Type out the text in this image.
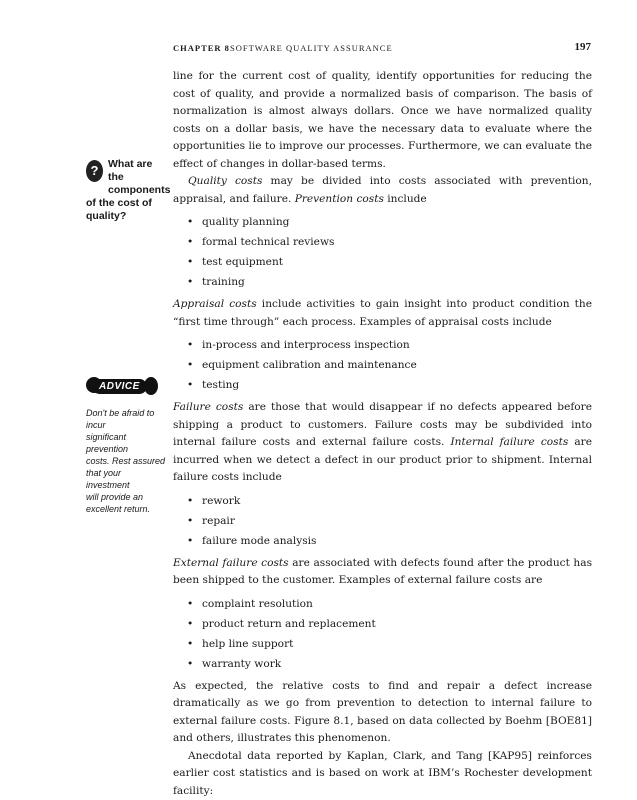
CHAPTER 8 SOFTWARE QUALITY ASSURANCE	197
? What are the
components
of the cost of
quality?
ADVICE
Don't be afraid to incur
significant prevention
costs. Rest assured
that your investment
will provide an
excellent return.

line for the current cost of quality, identify opportunities for reducing the cost of quality, and provide a normalized basis of comparison. The basis of normalization is almost always dollars. Once we have normalized quality costs on a dollar basis, we have the necessary data to evaluate where the opportunities lie to improve our processes. Furthermore, we can evaluate the effect of changes in dollar-based terms.

Quality costs may be divided into costs associated with prevention, appraisal, and failure. Prevention costs include

• quality planning
• formal technical reviews
• test equipment
• training

Appraisal costs include activities to gain insight into product condition the “first time through” each process. Examples of appraisal costs include

• in-process and interprocess inspection
• equipment calibration and maintenance
• testing

Failure costs are those that would disappear if no defects appeared before shipping a product to customers. Failure costs may be subdivided into internal failure costs and external failure costs. Internal failure costs are incurred when we detect a defect in our product prior to shipment. Internal failure costs include

• rework
• repair
• failure mode analysis

External failure costs are associated with defects found after the product has been shipped to the customer. Examples of external failure costs are

• complaint resolution
• product return and replacement
• help line support
• warranty work

As expected, the relative costs to find and repair a defect increase dramatically as we go from prevention to detection to internal failure to external failure costs. Figure 8.1, based on data collected by Boehm [BOE81] and others, illustrates this phenomenon.

Anecdotal data reported by Kaplan, Clark, and Tang [KAP95] reinforces earlier cost statistics and is based on work at IBM’s Rochester development facility:
